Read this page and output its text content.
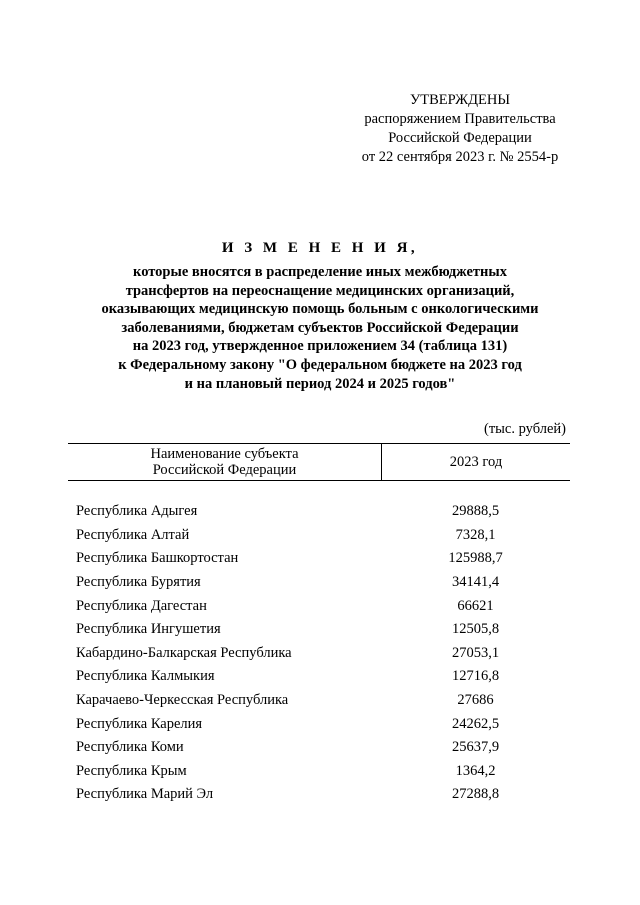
УТВЕРЖДЕНЫ
распоряжением Правительства
Российской Федерации
от 22 сентября 2023 г. № 2554-р
И З М Е Н Е Н И Я,
которые вносятся в распределение иных межбюджетных
трансфертов на переоснащение медицинских организаций,
оказывающих медицинскую помощь больным с онкологическими
заболеваниями, бюджетам субъектов Российской Федерации
на 2023 год, утвержденное приложением 34 (таблица 131)
к Федеральному закону "О федеральном бюджете на 2023 год
и на плановый период 2024 и 2025 годов"
(тыс. рублей)
Наименование субъекта
Российской Федерации	2023 год
Республика Адыгея	29888,5
Республика Алтай	7328,1
Республика Башкортостан	125988,7
Республика Бурятия	34141,4
Республика Дагестан	66621
Республика Ингушетия	12505,8
Кабардино-Балкарская Республика	27053,1
Республика Калмыкия	12716,8
Карачаево-Черкесская Республика	27686
Республика Карелия	24262,5
Республика Коми	25637,9
Республика Крым	1364,2
Республика Марий Эл	27288,8
